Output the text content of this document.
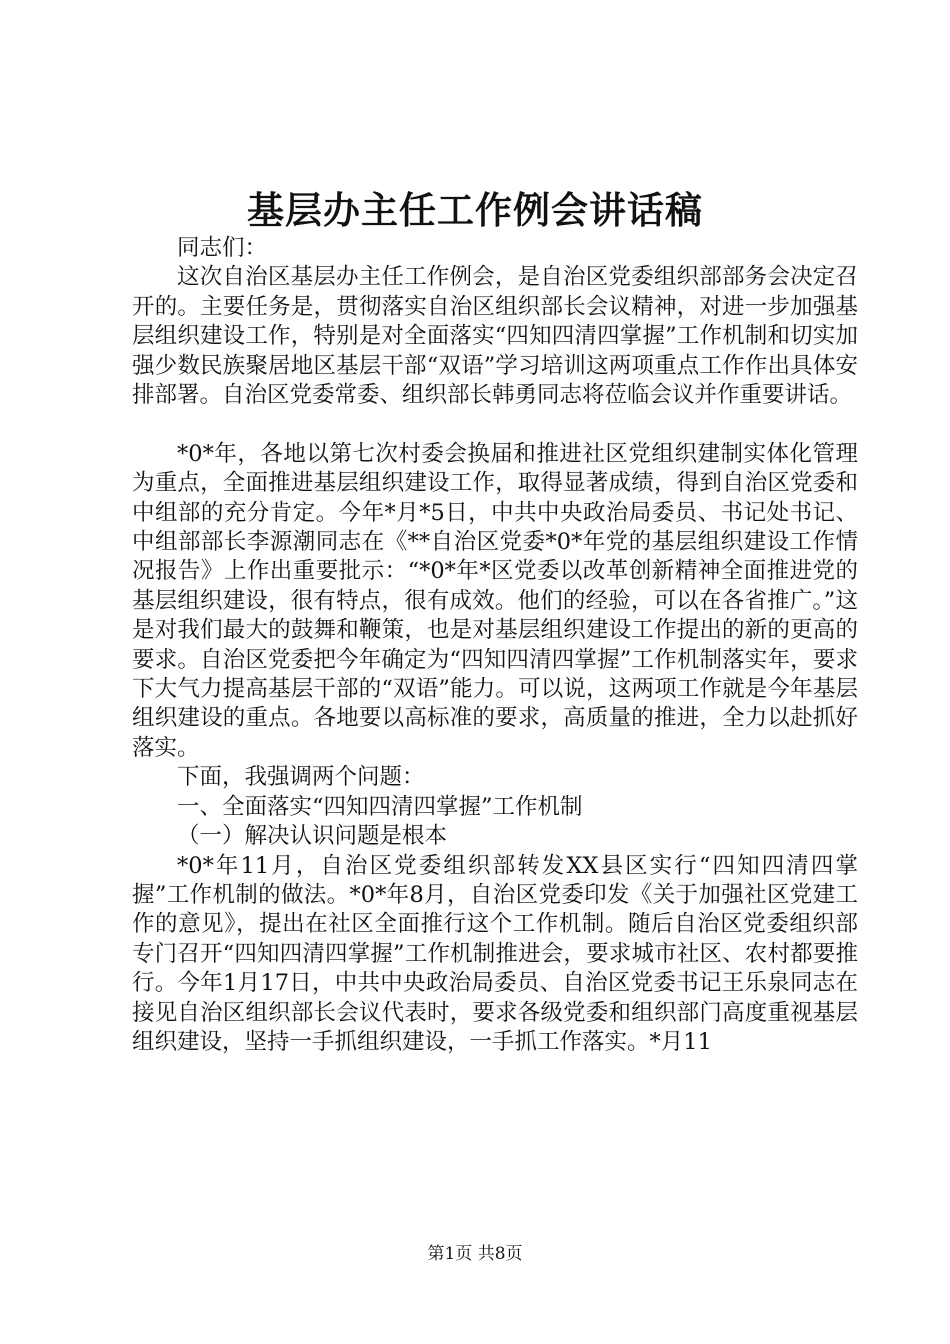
基层办主任工作例会讲话稿

同志们：

这次自治区基层办主任工作例会，是自治区党委组织部部务会决定召开的。主要任务是，贯彻落实自治区组织部长会议精神，对进一步加强基层组织建设工作，特别是对全面落实“四知四清四掌握”工作机制和切实加强少数民族聚居地区基层干部“双语”学习培训这两项重点工作作出具体安排部署。自治区党委常委、组织部长韩勇同志将莅临会议并作重要讲话。

*0*年，各地以第七次村委会换届和推进社区党组织建制实体化管理为重点，全面推进基层组织建设工作，取得显著成绩，得到自治区党委和中组部的充分肯定。今年*月*5日，中共中央政治局委员、书记处书记、中组部部长李源潮同志在《**自治区党委*0*年党的基层组织建设工作情况报告》上作出重要批示：“*0*年*区党委以改革创新精神全面推进党的基层组织建设，很有特点，很有成效。他们的经验，可以在各省推广。”这是对我们最大的鼓舞和鞭策，也是对基层组织建设工作提出的新的更高的要求。自治区党委把今年确定为“四知四清四掌握”工作机制落实年，要求下大气力提高基层干部的“双语”能力。可以说，这两项工作就是今年基层组织建设的重点。各地要以高标准的要求，高质量的推进，全力以赴抓好落实。

下面，我强调两个问题：

一、全面落实“四知四清四掌握”工作机制

（一）解决认识问题是根本

*0*年11月，自治区党委组织部转发XX县区实行“四知四清四掌握”工作机制的做法。*0*年8月，自治区党委印发《关于加强社区党建工作的意见》，提出在社区全面推行这个工作机制。随后自治区党委组织部专门召开“四知四清四掌握”工作机制推进会，要求城市社区、农村都要推行。今年1月17日，中共中央政治局委员、自治区党委书记王乐泉同志在接见自治区组织部长会议代表时，要求各级党委和组织部门高度重视基层组织建设，坚持一手抓组织建设，一手抓工作落实。*月11

第1页 共8页
